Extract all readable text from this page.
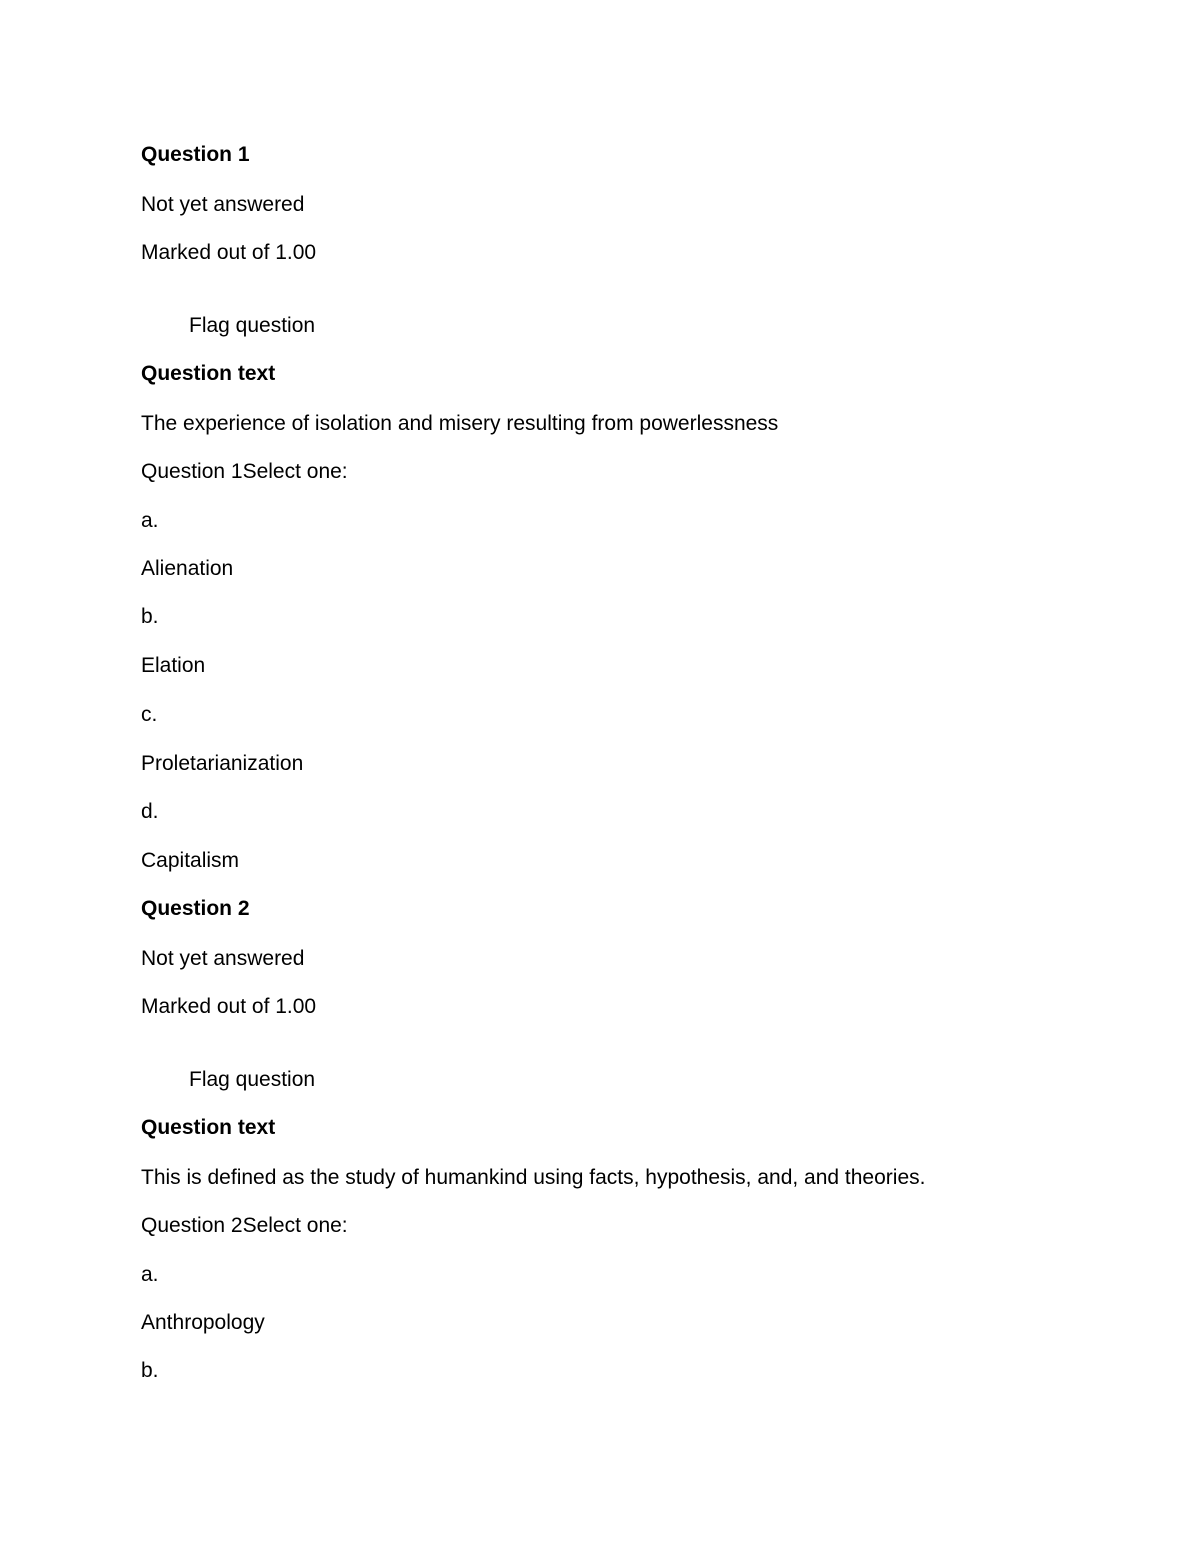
Question 1
Not yet answered
Marked out of 1.00
Flag question
Question text
The experience of isolation and misery resulting from powerlessness
Question 1Select one:
a.
Alienation
b.
Elation
c.
Proletarianization
d.
Capitalism
Question 2
Not yet answered
Marked out of 1.00
Flag question
Question text
This is defined as the study of humankind using facts, hypothesis, and, and theories.
Question 2Select one:
a.
Anthropology
b.
